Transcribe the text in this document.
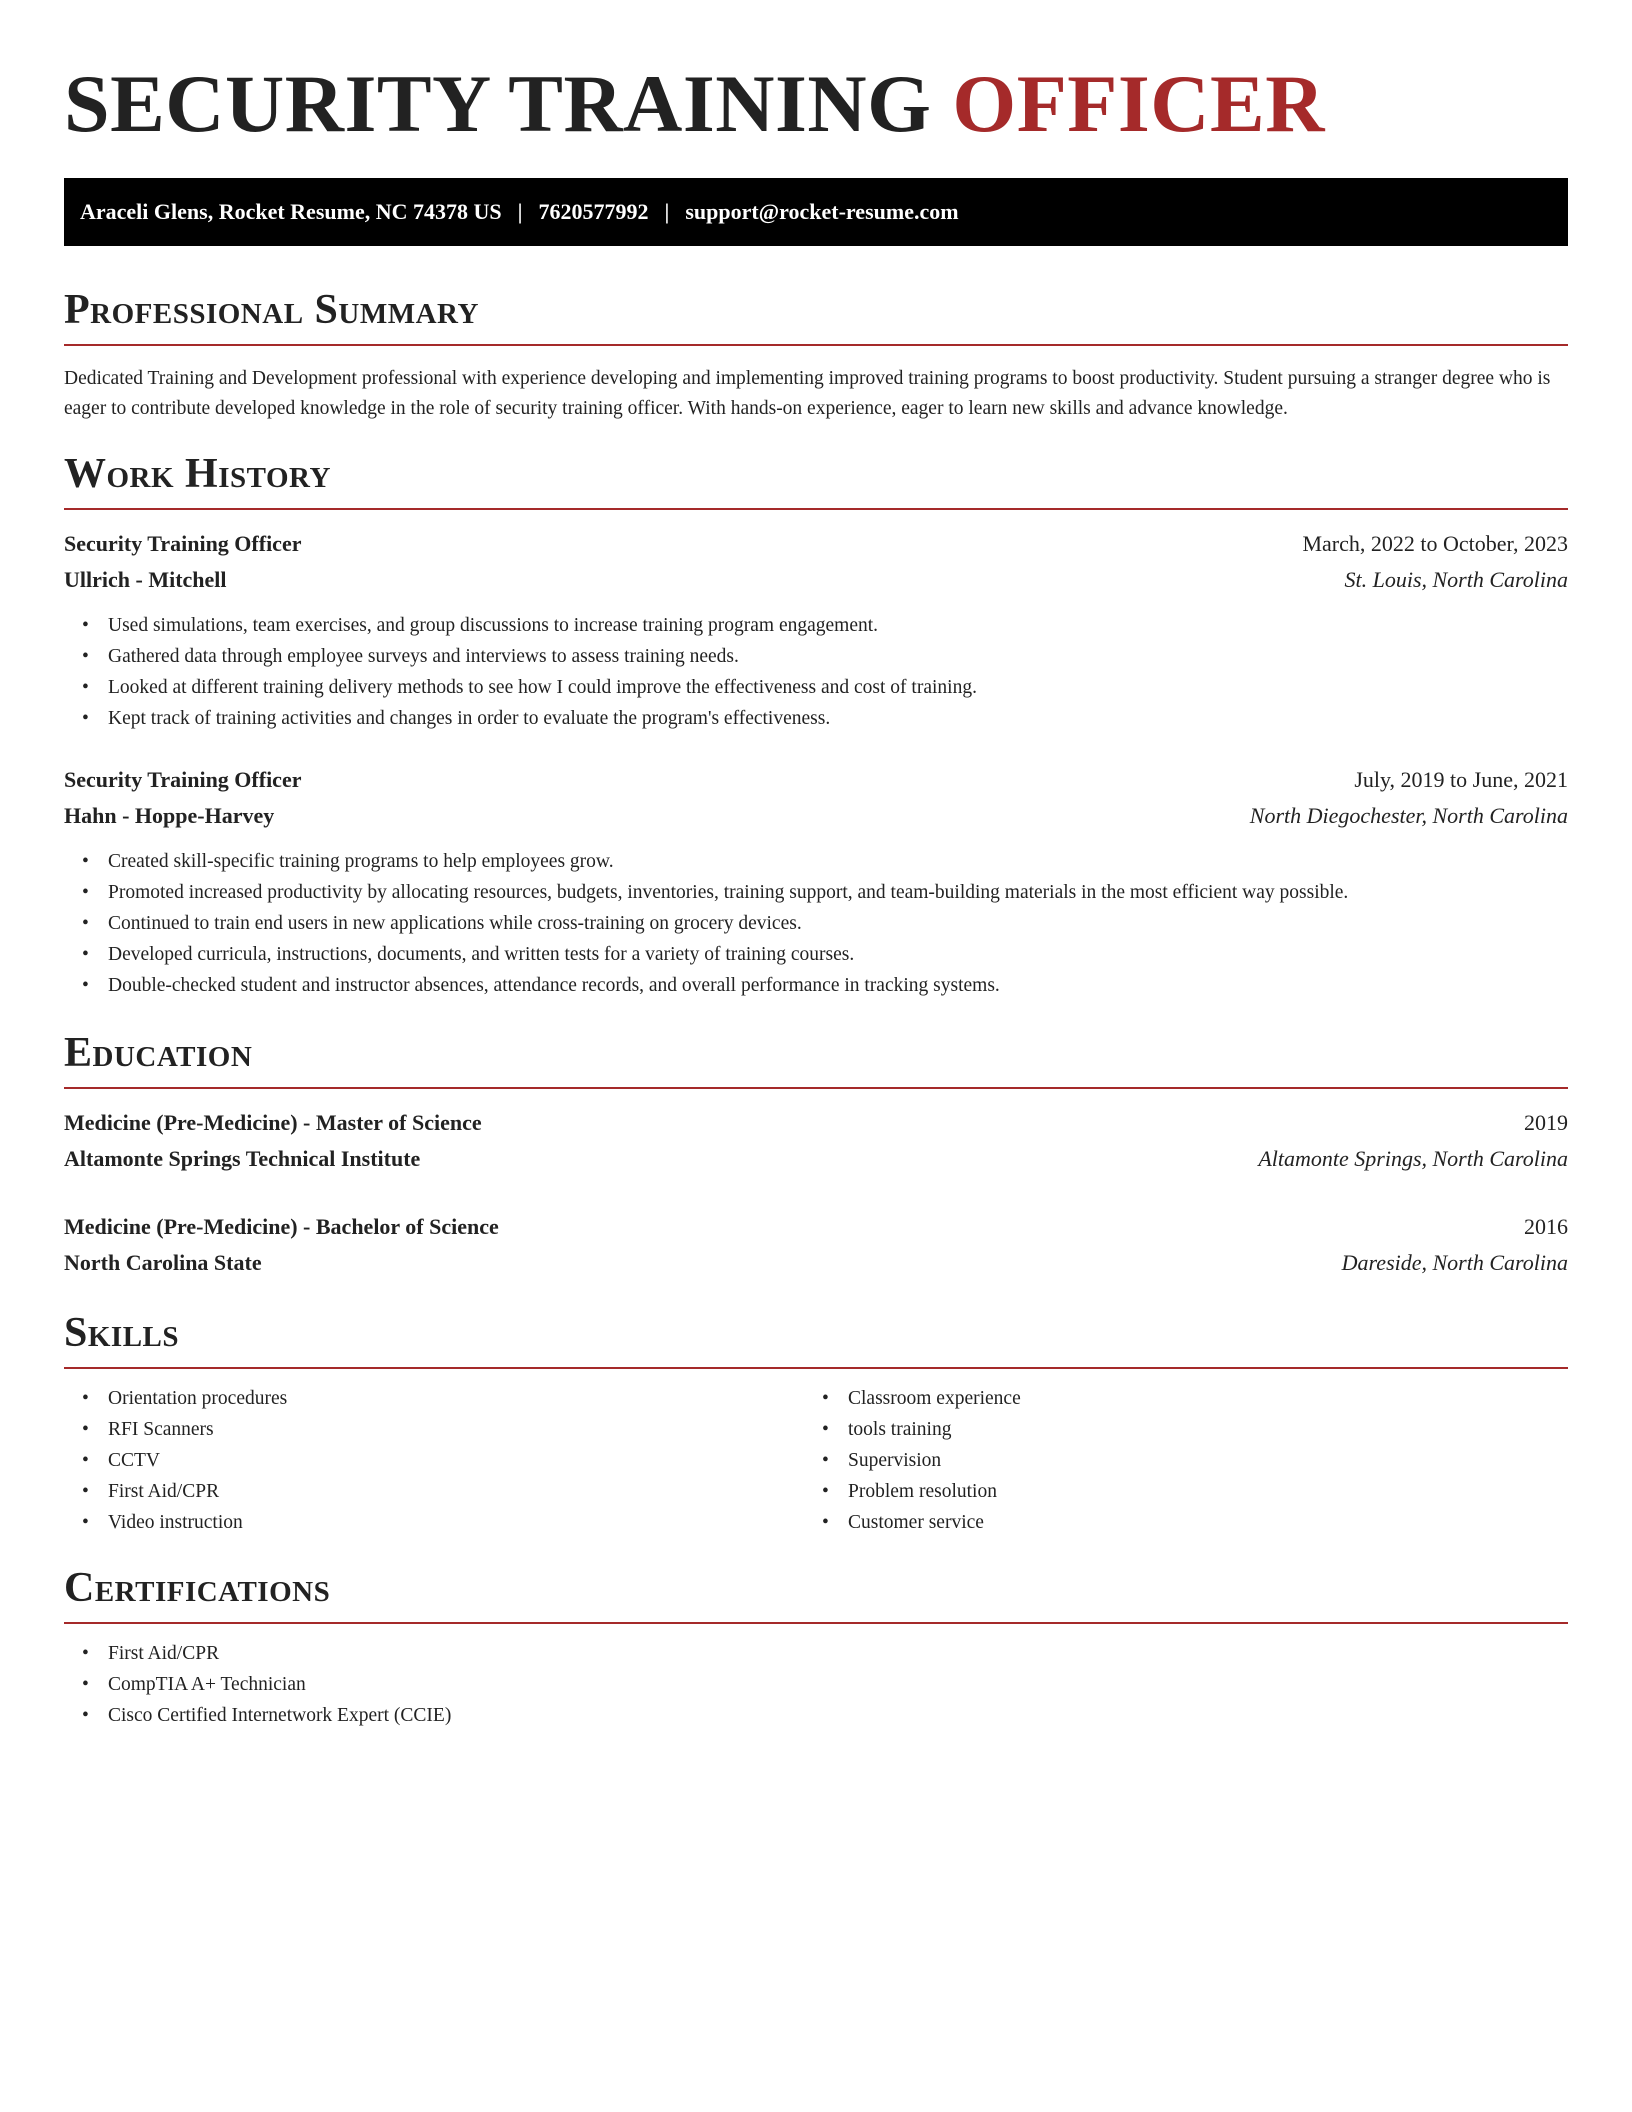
SECURITY TRAINING OFFICER
Araceli Glens, Rocket Resume, NC 74378 US | 7620577992 | support@rocket-resume.com
Professional Summary

Dedicated Training and Development professional with experience developing and implementing improved training programs to boost productivity. Student pursuing a stranger degree who is eager to contribute developed knowledge in the role of security training officer. With hands-on experience, eager to learn new skills and advance knowledge.

Work History
Security Training Officer	March, 2022 to October, 2023
Ullrich - Mitchell	St. Louis, North Carolina
• Used simulations, team exercises, and group discussions to increase training program engagement.
• Gathered data through employee surveys and interviews to assess training needs.
• Looked at different training delivery methods to see how I could improve the effectiveness and cost of training.
• Kept track of training activities and changes in order to evaluate the program's effectiveness.
Security Training Officer	July, 2019 to June, 2021
Hahn - Hoppe-Harvey	North Diegochester, North Carolina
• Created skill-specific training programs to help employees grow.
• Promoted increased productivity by allocating resources, budgets, inventories, training support, and team-building materials in the most efficient way possible.
• Continued to train end users in new applications while cross-training on grocery devices.
• Developed curricula, instructions, documents, and written tests for a variety of training courses.
• Double-checked student and instructor absences, attendance records, and overall performance in tracking systems.
Education
Medicine (Pre-Medicine) - Master of Science	2019
Altamonte Springs Technical Institute	Altamonte Springs, North Carolina
Medicine (Pre-Medicine) - Bachelor of Science	2016
North Carolina State	Dareside, North Carolina
Skills
• Orientation procedures
• RFI Scanners
• CCTV
• First Aid/CPR
• Video instruction
• Classroom experience
• tools training
• Supervision
• Problem resolution
• Customer service
Certifications
• First Aid/CPR
• CompTIA A+ Technician
• Cisco Certified Internetwork Expert (CCIE)
